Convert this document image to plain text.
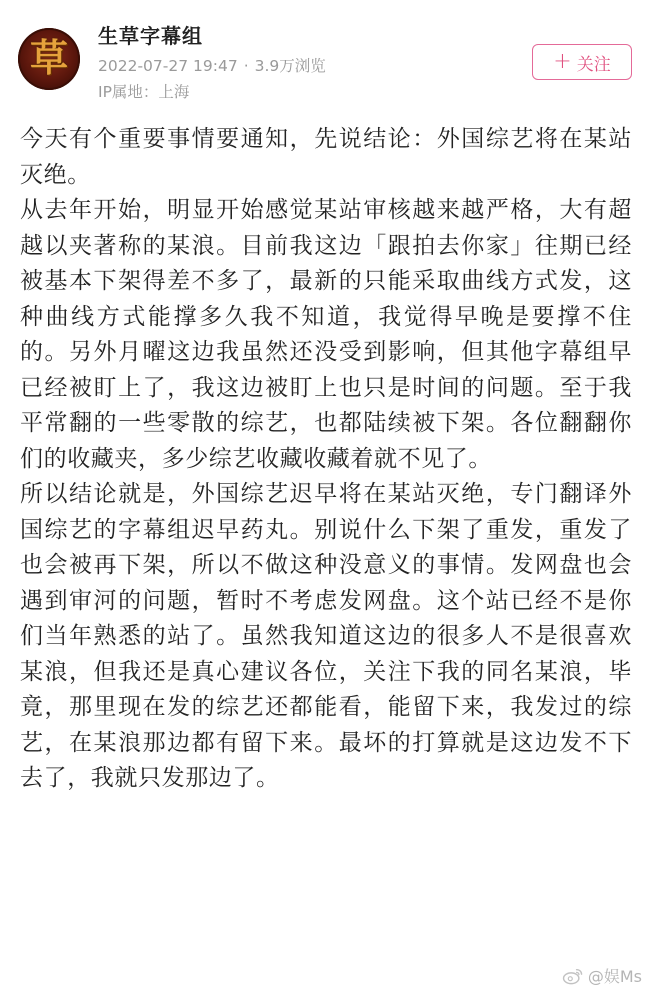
草 生草字幕组
2022-07-27 19:47 · 3.9万浏览
IP属地：上海
+ 关注

今天有个重要事情要通知，先说结论：外国综艺将在某站灭绝。

从去年开始，明显开始感觉某站审核越来越严格，大有超越以夹著称的某浪。目前我这边「跟拍去你家」往期已经被基本下架得差不多了，最新的只能采取曲线方式发，这种曲线方式能撑多久我不知道，我觉得早晚是要撑不住的。另外月曜这边我虽然还没受到影响，但其他字幕组早已经被盯上了，我这边被盯上也只是时间的问题。至于我平常翻的一些零散的综艺，也都陆续被下架。各位翻翻你们的收藏夹，多少综艺收藏收藏着就不见了。

所以结论就是，外国综艺迟早将在某站灭绝，专门翻译外国综艺的字幕组迟早药丸。别说什么下架了重发，重发了也会被再下架，所以不做这种没意义的事情。发网盘也会遇到审河的问题，暂时不考虑发网盘。这个站已经不是你们当年熟悉的站了。虽然我知道这边的很多人不是很喜欢某浪，但我还是真心建议各位，关注下我的同名某浪，毕竟，那里现在发的综艺还都能看，能留下来，我发过的综艺，在某浪那边都有留下来。最坏的打算就是这边发不下去了，我就只发那边了。

@娱Ms
